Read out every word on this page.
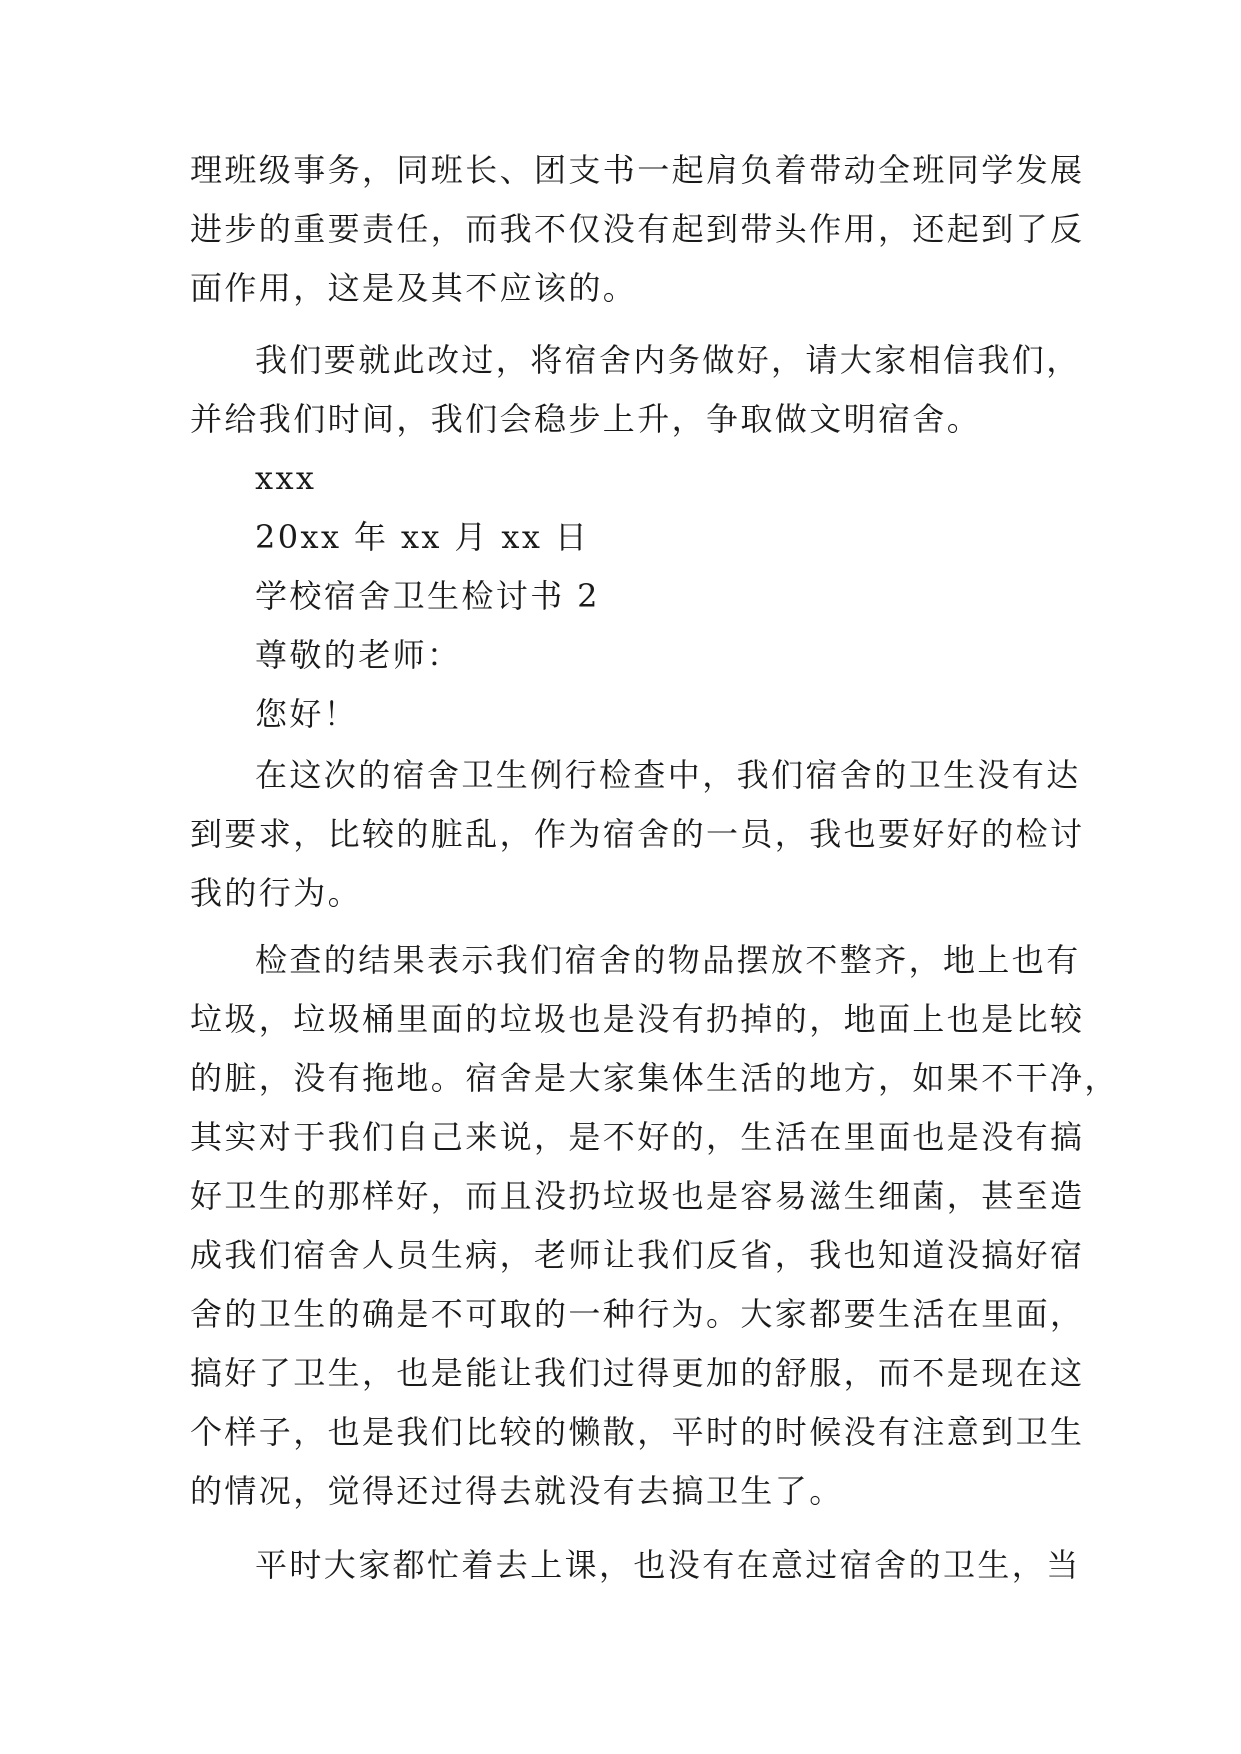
理班级事务，同班长、团支书一起肩负着带动全班同学发展
进步的重要责任，而我不仅没有起到带头作用，还起到了反
面作用，这是及其不应该的。
我们要就此改过，将宿舍内务做好，请大家相信我们，
并给我们时间，我们会稳步上升，争取做文明宿舍。
xxx
20xx 年 xx 月 xx 日
学校宿舍卫生检讨书 2
尊敬的老师：
您好！
在这次的宿舍卫生例行检查中，我们宿舍的卫生没有达
到要求，比较的脏乱，作为宿舍的一员，我也要好好的检讨
我的行为。
检查的结果表示我们宿舍的物品摆放不整齐，地上也有
垃圾，垃圾桶里面的垃圾也是没有扔掉的，地面上也是比较
的脏，没有拖地。宿舍是大家集体生活的地方，如果不干净，
其实对于我们自己来说，是不好的，生活在里面也是没有搞
好卫生的那样好，而且没扔垃圾也是容易滋生细菌，甚至造
成我们宿舍人员生病，老师让我们反省，我也知道没搞好宿
舍的卫生的确是不可取的一种行为。大家都要生活在里面，
搞好了卫生，也是能让我们过得更加的舒服，而不是现在这
个样子，也是我们比较的懒散，平时的时候没有注意到卫生
的情况，觉得还过得去就没有去搞卫生了。
平时大家都忙着去上课，也没有在意过宿舍的卫生，当
